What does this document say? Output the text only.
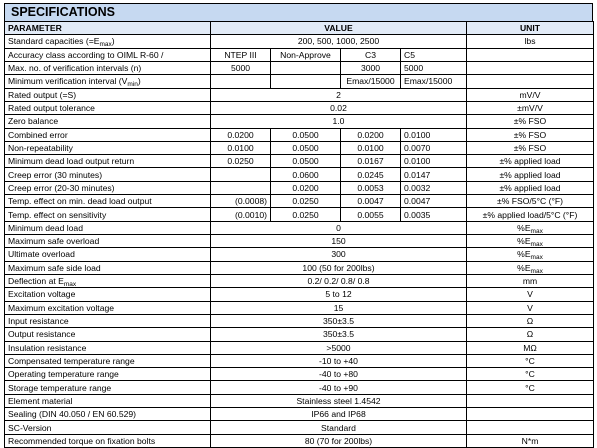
SPECIFICATIONS
PARAMETER	VALUE				UNIT
Standard capacities $(=E_{max})$	200, 500, 1000, 2500				lbs
Accuracy class according to OIML R-60 /	NTEP III	Non-Approve	C3	C5	
Max. no. of verification intervals (n)	5000		3000	5000	
Minimum verification interval $(V_{min})$			Emax/15000	Emax/15000	
Rated output (=S)	2				mV/V
Rated output tolerance	0.02				±mV/V
Zero balance	1.0				±% FSO
Combined error	0.0200	0.0500	0.0200	0.0100	±% FSO
Non-repeatability	0.0100	0.0500	0.0100	0.0070	±% FSO
Minimum dead load output return	0.0250	0.0500	0.0167	0.0100	±% applied load
Creep error (30 minutes)		0.0600	0.0245	0.0147	±% applied load
Creep error (20-30 minutes)		0.0200	0.0053	0.0032	±% applied load
Temp. effect on min. dead load output	(0.0008)	0.0250	0.0047	0.0047	±% FSO/5°C (°F)
Temp. effect on sensitivity	(0.0010)	0.0250	0.0055	0.0035	±% applied load/5°C (°F)
Minimum dead load	0				$\%E_{max}$
Maximum safe overload	150				$\%E_{max}$
Ultimate overload	300				$\%E_{max}$
Maximum safe side load	100 (50 for 200lbs)				$\%E_{max}$
Deflection at $E_{max}$	0.2/ 0.2/ 0.8/ 0.8				mm
Excitation voltage	5 to 12				V
Maximum excitation voltage	15				V
Input resistance	350±3.5				Ω
Output resistance	350±3.5				Ω
Insulation resistance	>5000				MΩ
Compensated temperature range	-10 to +40				°C
Operating temperature range	-40 to +80				°C
Storage temperature range	-40 to +90				°C
Element material	Stainless steel 1.4542				
Sealing (DIN 40.050 / EN 60.529)	IP66 and IP68				
SC-Version	Standard				
Recommended torque on fixation bolts	80 (70 for 200lbs)				N*m
